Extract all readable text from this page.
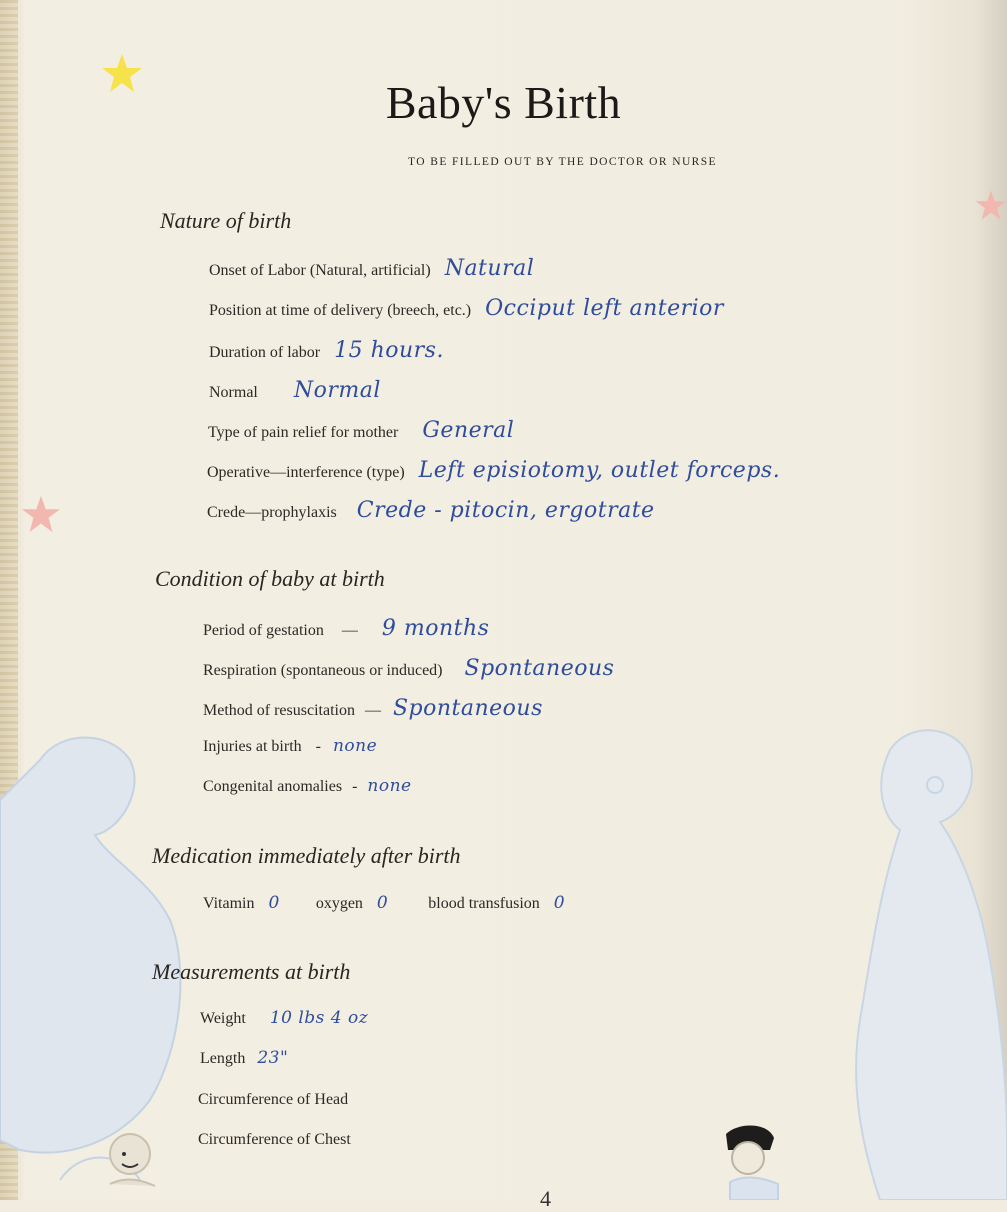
Baby's Birth
TO BE FILLED OUT BY THE DOCTOR OR NURSE
Nature of birth
Onset of Labor (Natural, artificial) Natural
Position at time of delivery (breech, etc.) Occiput left anterior
Duration of labor 15 hours.
Normal Normal
Type of pain relief for mother General
Operative—interference (type) Left episiotomy, outlet forceps.
Crede—prophylaxis Crede - pitocin, ergotrate
Condition of baby at birth
Period of gestation  — 9 months
Respiration (spontaneous or induced) Spontaneous
Method of resuscitation — Spontaneous
Injuries at birth - none
Congenital anomalies - none
Medication immediately after birth
Vitamin 0 oxygen 0	blood transfusion 0
Measurements at birth
Weight 10 lbs 4 oz
Length 23"
Circumference of Head
Circumference of Chest
4
